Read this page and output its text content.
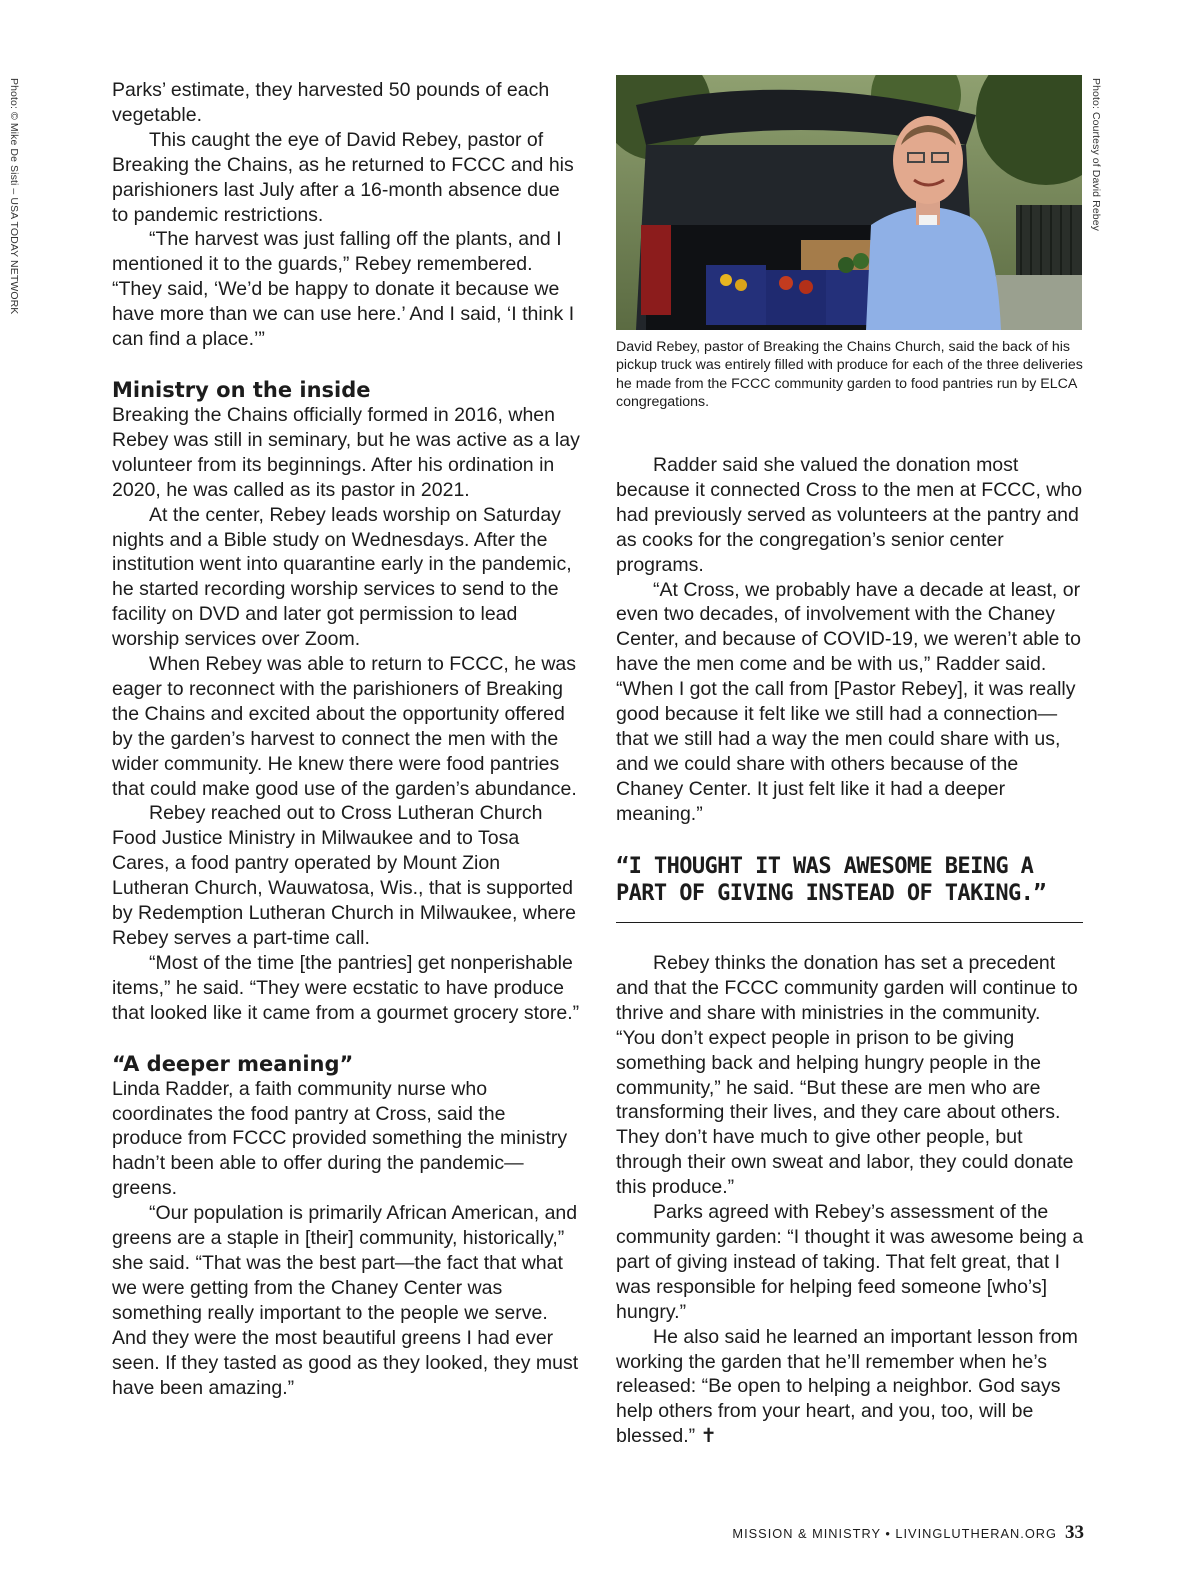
Photo: © Mike De Sisti – USA TODAY NETWORK	Photo: Courtesy of David Rebey

Parks’ estimate, they harvested 50 pounds of each vegetable.

This caught the eye of David Rebey, pastor of Breaking the Chains, as he returned to FCCC and his parishioners last July after a 16-month absence due to pandemic restrictions.

“The harvest was just falling off the plants, and I mentioned it to the guards,” Rebey remembered. “They said, ‘We’d be happy to donate it because we have more than we can use here.’ And I said, ‘I think I can find a place.’”

Ministry on the inside

Breaking the Chains officially formed in 2016, when Rebey was still in seminary, but he was active as a lay volunteer from its beginnings. After his ordination in 2020, he was called as its pastor in 2021.

At the center, Rebey leads worship on Saturday nights and a Bible study on Wednesdays. After the institution went into quarantine early in the pandemic, he started recording worship services to send to the facility on DVD and later got permission to lead worship services over Zoom.

When Rebey was able to return to FCCC, he was eager to reconnect with the parishioners of Breaking the Chains and excited about the opportunity offered by the garden’s harvest to connect the men with the wider community. He knew there were food pantries that could make good use of the garden’s abundance.

Rebey reached out to Cross Lutheran Church Food Justice Ministry in Milwaukee and to Tosa Cares, a food pantry operated by Mount Zion Lutheran Church, Wauwatosa, Wis., that is supported by Redemption Lutheran Church in Milwaukee, where Rebey serves a part-time call.

“Most of the time [the pantries] get nonperishable items,” he said. “They were ecstatic to have produce that looked like it came from a gourmet grocery store.”

“A deeper meaning”

Linda Radder, a faith community nurse who coordinates the food pantry at Cross, said the produce from FCCC provided something the ministry hadn’t been able to offer during the pandemic—greens.

“Our population is primarily African American, and greens are a staple in [their] community, historically,” she said. “That was the best part—the fact that what we were getting from the Chaney Center was something really important to the people we serve. And they were the most beautiful greens I had ever seen. If they tasted as good as they looked, they must have been amazing.”

David Rebey, pastor of Breaking the Chains Church, said the back of his pickup truck was entirely filled with produce for each of the three deliveries he made from the FCCC community garden to food pantries run by ELCA congregations.

Radder said she valued the donation most because it connected Cross to the men at FCCC, who had previously served as volunteers at the pantry and as cooks for the congregation’s senior center programs.

“At Cross, we probably have a decade at least, or even two decades, of involvement with the Chaney Center, and because of COVID-19, we weren’t able to have the men come and be with us,” Radder said. “When I got the call from [Pastor Rebey], it was really good because it felt like we still had a connection—that we still had a way the men could share with us, and we could share with others because of the Chaney Center. It just felt like it had a deeper meaning.”

“I THOUGHT IT WAS AWESOME BEING A PART OF GIVING INSTEAD OF TAKING.”

Rebey thinks the donation has set a precedent and that the FCCC community garden will continue to thrive and share with ministries in the community. “You don’t expect people in prison to be giving something back and helping hungry people in the community,” he said. “But these are men who are transforming their lives, and they care about others. They don’t have much to give other people, but through their own sweat and labor, they could donate this produce.”

Parks agreed with Rebey’s assessment of the community garden: “I thought it was awesome being a part of giving instead of taking. That felt great, that I was responsible for helping feed someone [who’s] hungry.”

He also said he learned an important lesson from working the garden that he’ll remember when he’s released: “Be open to helping a neighbor. God says help others from your heart, and you, too, will be blessed.” ✝

MISSION & MINISTRY • LIVINGLUTHERAN.ORG 33
